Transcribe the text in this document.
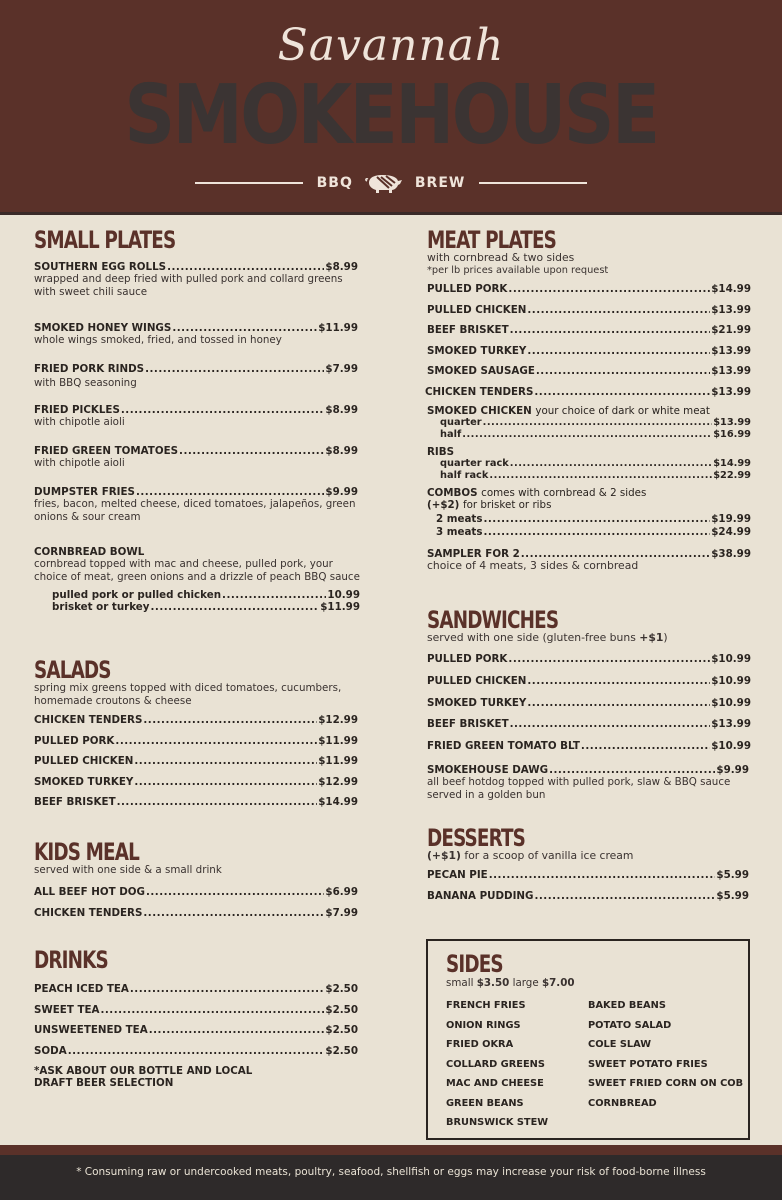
Savannah
SMOKEHOUSE
BBQ	BREW
SMALL PLATES
SOUTHERN EGG ROLLS .....	$8.99
wrapped and deep fried with pulled pork and collard greens with sweet chili sauce
SMOKED HONEY WINGS .....	$11.99
whole wings smoked, fried, and tossed in honey
FRIED PORK RINDS .....	$7.99
with BBQ seasoning
FRIED PICKLES .....	$8.99
with chipotle aioli
FRIED GREEN TOMATOES .....	$8.99
with chipotle aioli
DUMPSTER FRIES .....	$9.99
fries, bacon, melted cheese, diced tomatoes, jalapeños, green onions & sour cream
CORNBREAD BOWL
cornbread topped with mac and cheese, pulled pork, your choice of meat, green onions and a drizzle of peach BBQ sauce
pulled pork or pulled chicken .....	10.99
brisket or turkey .....	$11.99
SALADS
spring mix greens topped with diced tomatoes, cucumbers, homemade croutons & cheese
CHICKEN TENDERS .....	$12.99
PULLED PORK .....	$11.99
PULLED CHICKEN .....	$11.99
SMOKED TURKEY .....	$12.99
BEEF BRISKET .....	$14.99
KIDS MEAL
served with one side & a small drink
ALL BEEF HOT DOG .....	$6.99
CHICKEN TENDERS .....	$7.99
DRINKS
PEACH ICED TEA .....	$2.50
SWEET TEA .....	$2.50
UNSWEETENED TEA .....	$2.50
SODA .....	$2.50
*ASK ABOUT OUR BOTTLE AND LOCAL
DRAFT BEER SELECTION
MEAT PLATES
with cornbread & two sides
*per lb prices available upon request
PULLED PORK .....	$14.99
PULLED CHICKEN .....	$13.99
BEEF BRISKET .....	$21.99
SMOKED TURKEY .....	$13.99
SMOKED SAUSAGE .....	$13.99
CHICKEN TENDERS .....	$13.99
SMOKED CHICKEN
your choice of dark or white meat
quarter .....	$13.99
half .....	$16.99
RIBS
quarter rack .....	$14.99
half rack .....	$22.99
COMBOS
comes with cornbread & 2 sides
(+$2)
for brisket or ribs
2 meats .....	$19.99
3 meats .....	$24.99
SAMPLER FOR 2 .....	$38.99
choice of 4 meats, 3 sides & cornbread
SANDWICHES
served with one side (gluten-free buns +$1)
PULLED PORK .....	$10.99
PULLED CHICKEN .....	$10.99
SMOKED TURKEY .....	$10.99
BEEF BRISKET .....	$13.99
FRIED GREEN TOMATO BLT .....	$10.99
SMOKEHOUSE DAWG .....	$9.99
all beef hotdog topped with pulled pork, slaw & BBQ sauce served in a golden bun
DESSERTS
(+$1) for a scoop of vanilla ice cream
PECAN PIE .....	$5.99
BANANA PUDDING .....	$5.99
SIDES
small $3.50 large $7.00
FRENCH FRIES
ONION RINGS
FRIED OKRA
COLLARD GREENS
MAC AND CHEESE
GREEN BEANS
BRUNSWICK STEW
BAKED BEANS
POTATO SALAD
COLE SLAW
SWEET POTATO FRIES
SWEET FRIED CORN ON COB
CORNBREAD
* Consuming raw or undercooked meats, poultry, seafood, shellfish or eggs may increase your risk of food-borne illness
